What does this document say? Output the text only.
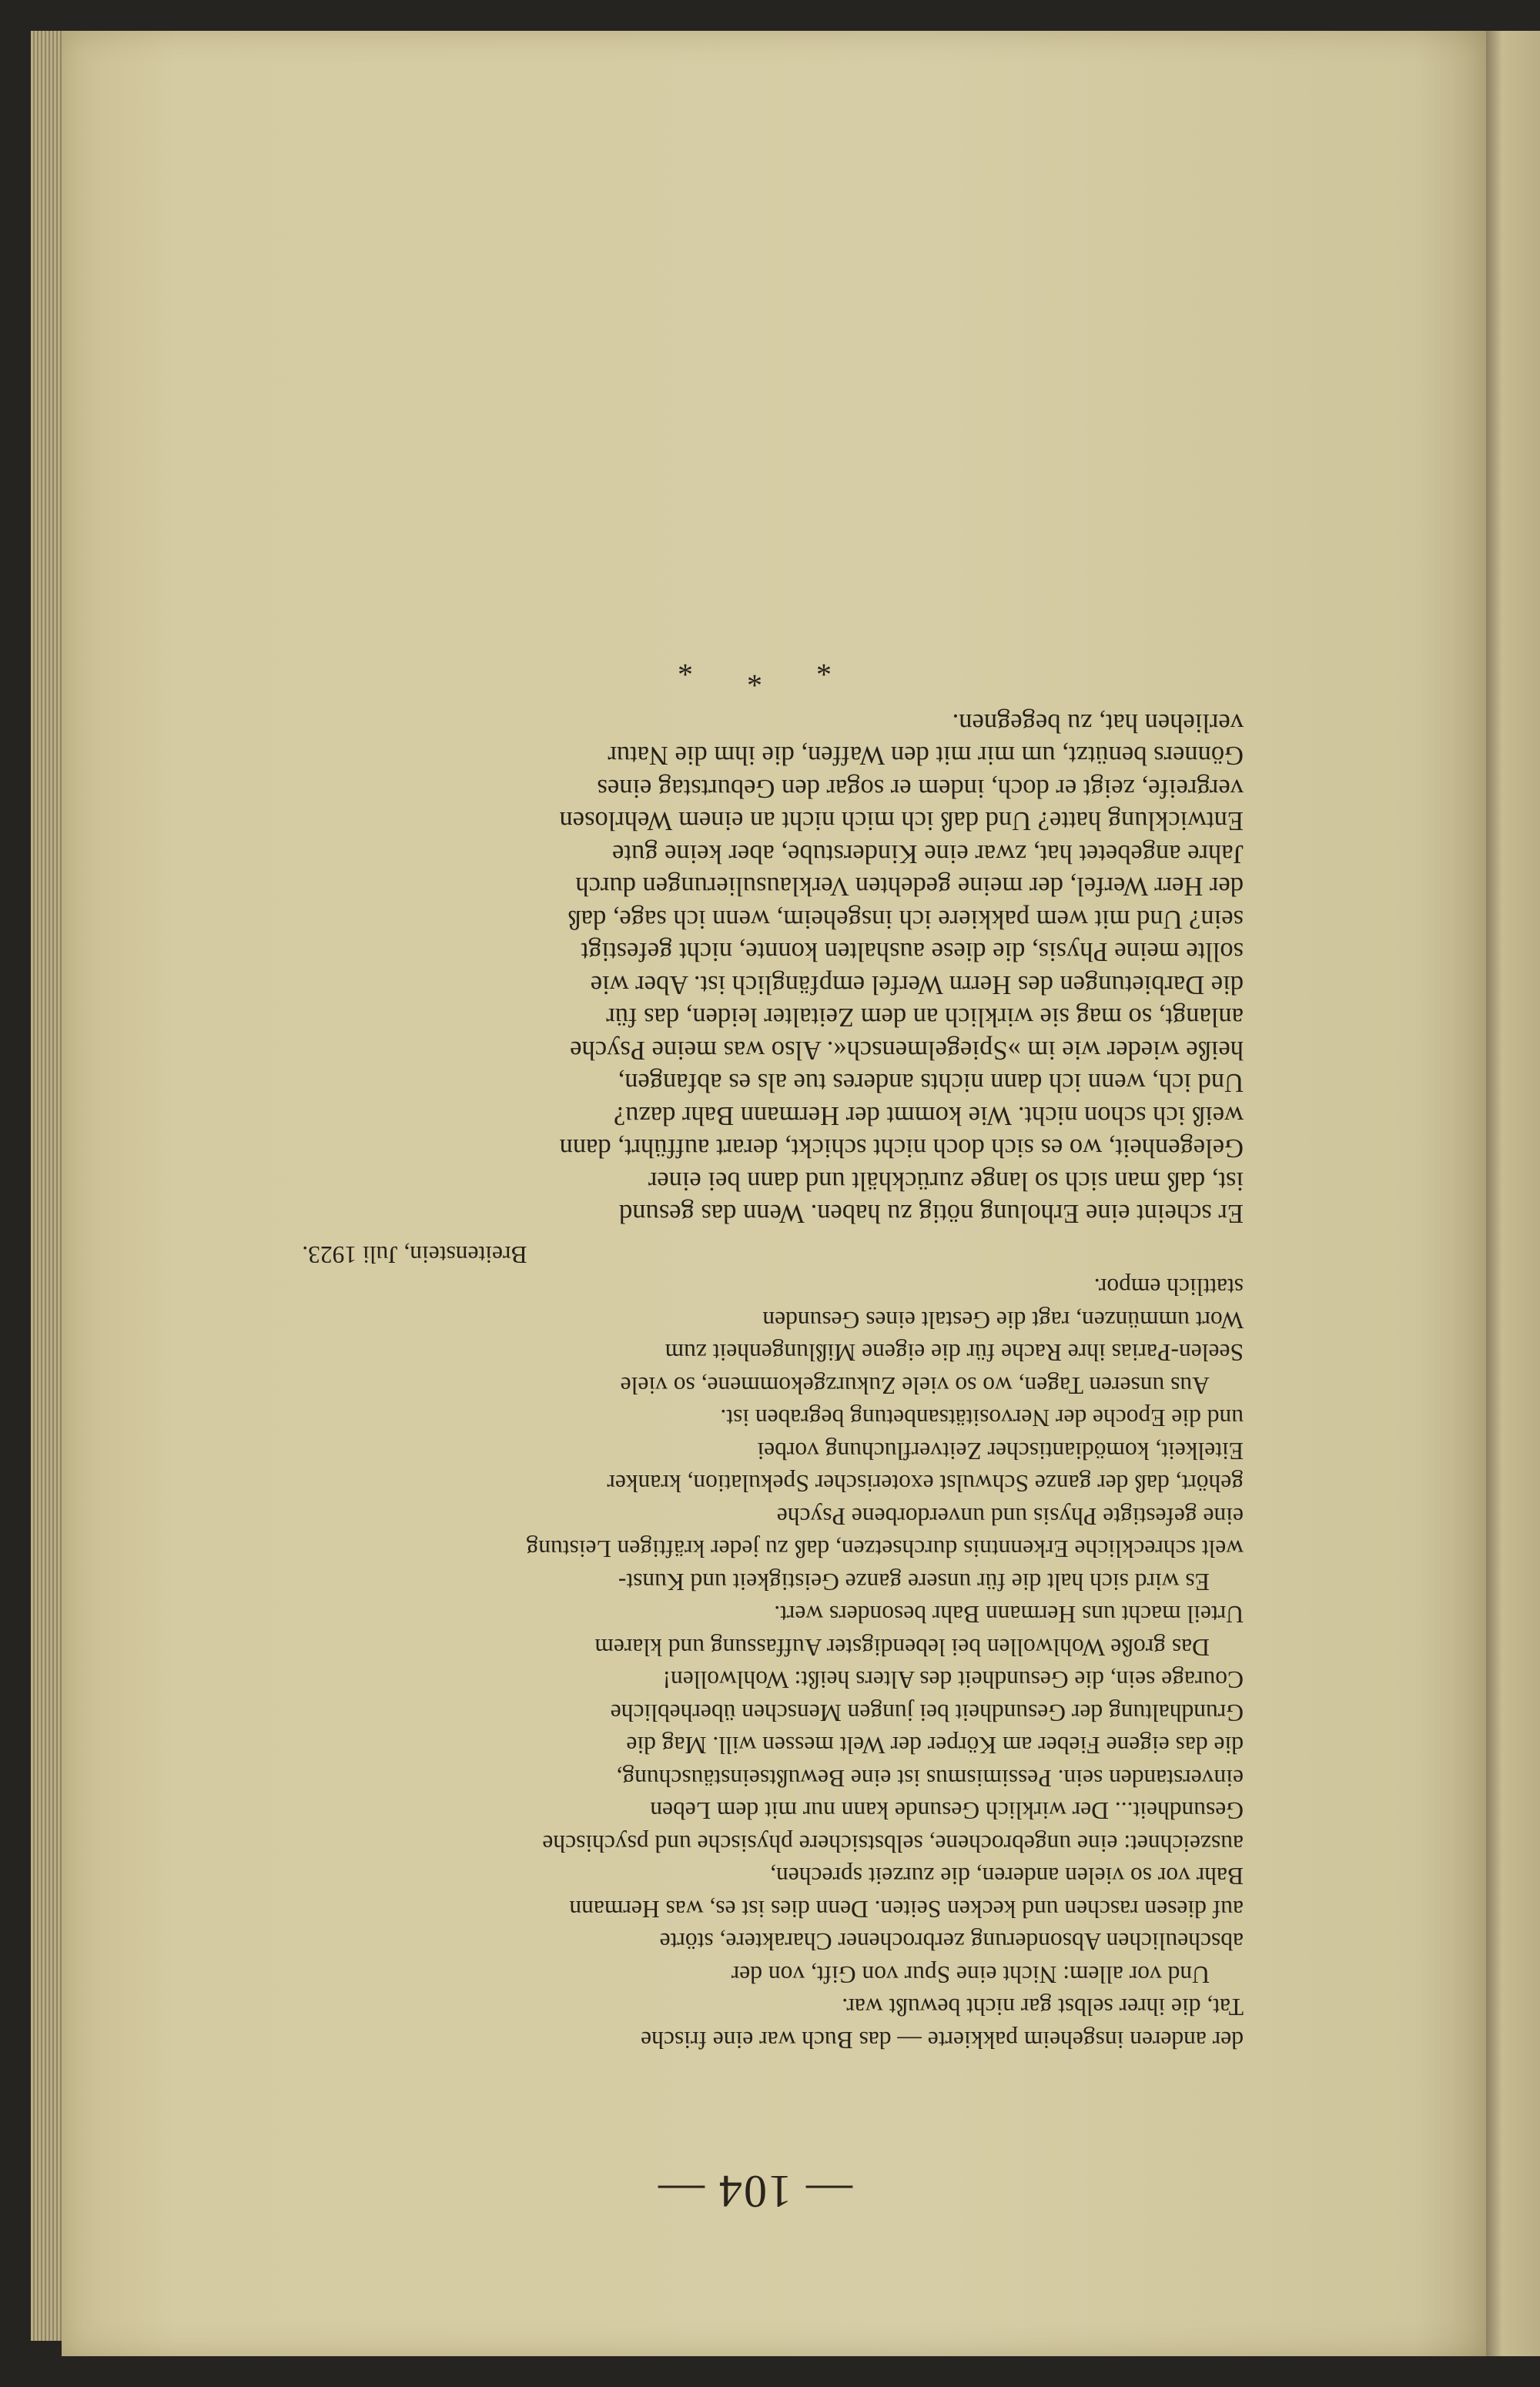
— 104 —
der anderen insgeheim pakkierte — das Buch war eine frische
Tat, die ihrer selbst gar nicht bewußt war.
Und vor allem: Nicht eine Spur von Gift, von der
abscheulichen Absonderung zerbrochener Charaktere, störte
auf diesen raschen und kecken Seiten. Denn dies ist es, was Hermann
Bahr vor so vielen anderen, die zurzeit sprechen,
auszeichnet: eine ungebrochene, selbstsichere physische und psychische
Gesundheit... Der wirklich Gesunde kann nur mit dem Leben
einverstanden sein. Pessimismus ist eine Bewußtseinstäuschung,
die das eigene Fieber am Körper der Welt messen will. Mag die
Grundhaltung der Gesundheit bei jungen Menschen überhebliche
Courage sein, die Gesundheit des Alters heißt: Wohlwollen!
Das große Wohlwollen bei lebendigster Auffassung und klarem
Urteil macht uns Hermann Bahr besonders wert.
Es wird sich halt die für unsere ganze Geistigkeit und Kunst-
welt schreckliche Erkenntnis durchsetzen, daß zu jeder kräftigen Leistung
eine gefestigte Physis und unverdorbene Psyche
gehört, daß der ganze Schwulst exoterischer Spekulation, kranker
Eitelkeit, komödiantischer Zeitverfluchung vorbei
und die Epoche der Nervositätsanbetung begraben ist.
Aus unseren Tagen, wo so viele Zukurzgekommene, so viele
Seelen-Parias ihre Rache für die eigene Mißlungenheit zum
Wort ummünzen, ragt die Gestalt eines Gesunden
stattlich empor.
Breitenstein, Juli 1923.
Er scheint eine Erholung nötig zu haben. Wenn das gesund
ist, daß man sich so lange zurückhält und dann bei einer
Gelegenheit, wo es sich doch nicht schickt, derart aufführt, dann
weiß ich schon nicht. Wie kommt der Hermann Bahr dazu?
Und ich, wenn ich dann nichts anderes tue als es abfangen,
heiße wieder wie im »Spiegelmensch«. Also was meine Psyche
anlangt, so mag sie wirklich an dem Zeitalter leiden, das für
die Darbietungen des Herrn Werfel empfänglich ist. Aber wie
sollte meine Physis, die diese aushalten konnte, nicht gefestigt
sein? Und mit wem pakkiere ich insgeheim, wenn ich sage, daß
der Herr Werfel, der meine gedehten Verklausulierungen durch
Jahre angebetet hat, zwar eine Kinderstube, aber keine gute
Entwicklung hatte? Und daß ich mich nicht an einem Wehrlosen
vergreife, zeigt er doch, indem er sogar den Geburtstag eines
Gönners benützt, um mir mit den Waffen, die ihm die Natur
verliehen hat, zu begegnen.
* * *
